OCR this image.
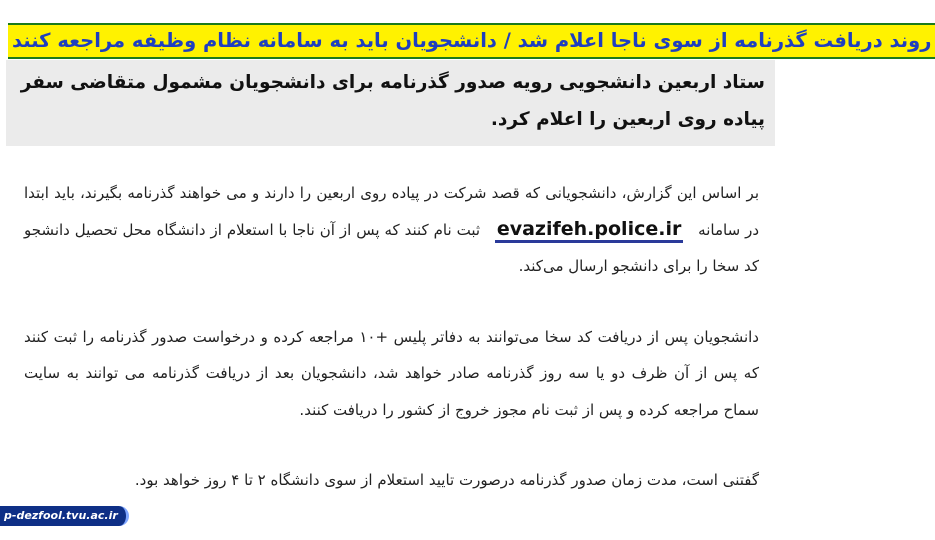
روند دریافت گذرنامه از سوی ناجا اعلام شد / دانشجویان باید به سامانه نظام وظیفه مراجعه کنند
ستاد اربعین دانشجویی رویه صدور گذرنامه برای دانشجویان مشمول متقاضی سفر پیاده روی اربعین را اعلام کرد.

بر اساس این گزارش، دانشجویانی که قصد شرکت در پیاده روی اربعین را دارند و می خواهند گذرنامه بگیرند، باید ابتدا در سامانه   evazifeh.police.ir   ثبت نام کنند که پس از آن ناجا با استعلام از دانشگاه محل تحصیل دانشجو کد سخا را برای دانشجو ارسال می‌کند.

دانشجویان پس از دریافت کد سخا می‌توانند به دفاتر پلیس +۱۰ مراجعه کرده و درخواست صدور گذرنامه را ثبت کنند که پس از آن ظرف دو یا سه روز گذرنامه صادر خواهد شد، دانشجویان بعد از دریافت گذرنامه می توانند به سایت سماح مراجعه کرده و پس از ثبت نام مجوز خروج از کشور را دریافت کنند.

گفتنی است، مدت زمان صدور گذرنامه درصورت تایید استعلام از سوی دانشگاه ۲ تا ۴ روز خواهد بود.

p-dezfool.tvu.ac.ir
